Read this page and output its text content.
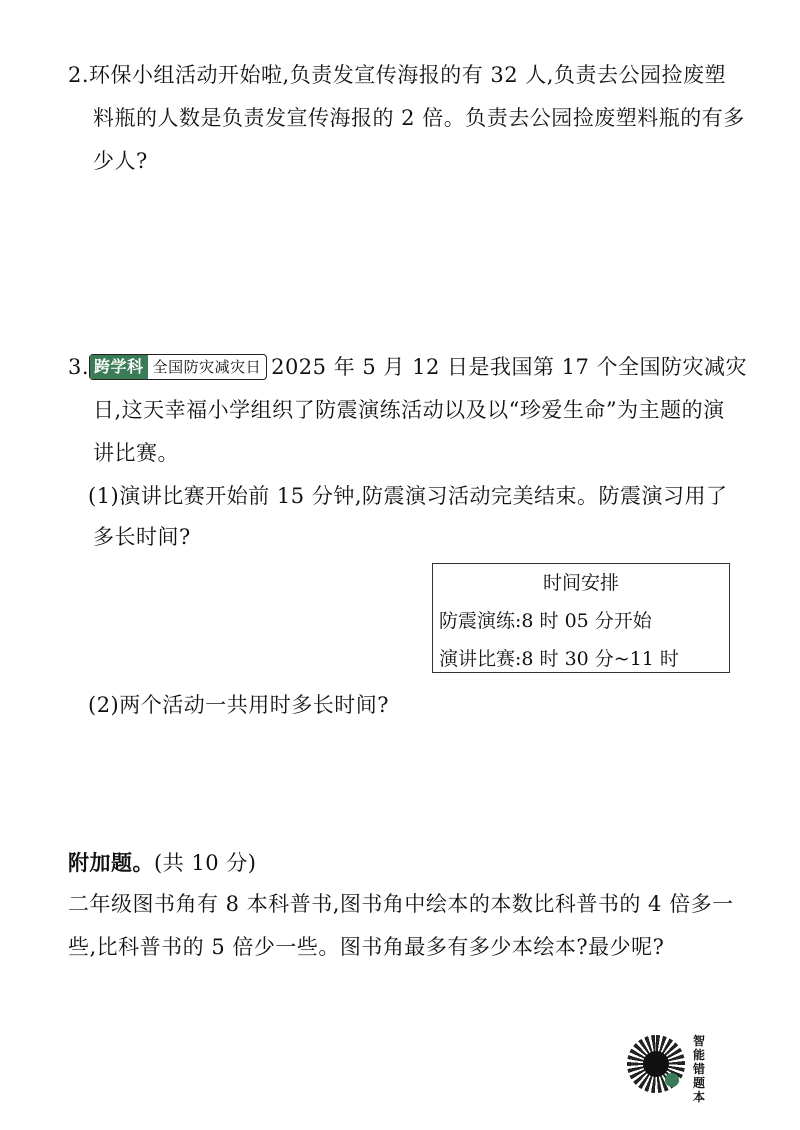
2.环保小组活动开始啦,负责发宣传海报的有 32 人,负责去公园捡废塑
料瓶的人数是负责发宣传海报的 2 倍。负责去公园捡废塑料瓶的有多
少人?
3. 跨学科 全国防灾减灾日 2025 年 5 月 12 日是我国第 17 个全国防灾减灾
日,这天幸福小学组织了防震演练活动以及以“珍爱生命”为主题的演
讲比赛。
(1)演讲比赛开始前 15 分钟,防震演习活动完美结束。防震演习用了
多长时间?
时间安排
防震演练:8 时 05 分开始
演讲比赛:8 时 30 分~11 时
(2)两个活动一共用时多长时间?
附加题。(共 10 分)
二年级图书角有 8 本科普书,图书角中绘本的本数比科普书的 4 倍多一
些,比科普书的 5 倍少一些。图书角最多有多少本绘本?最少呢?
智能错题本
